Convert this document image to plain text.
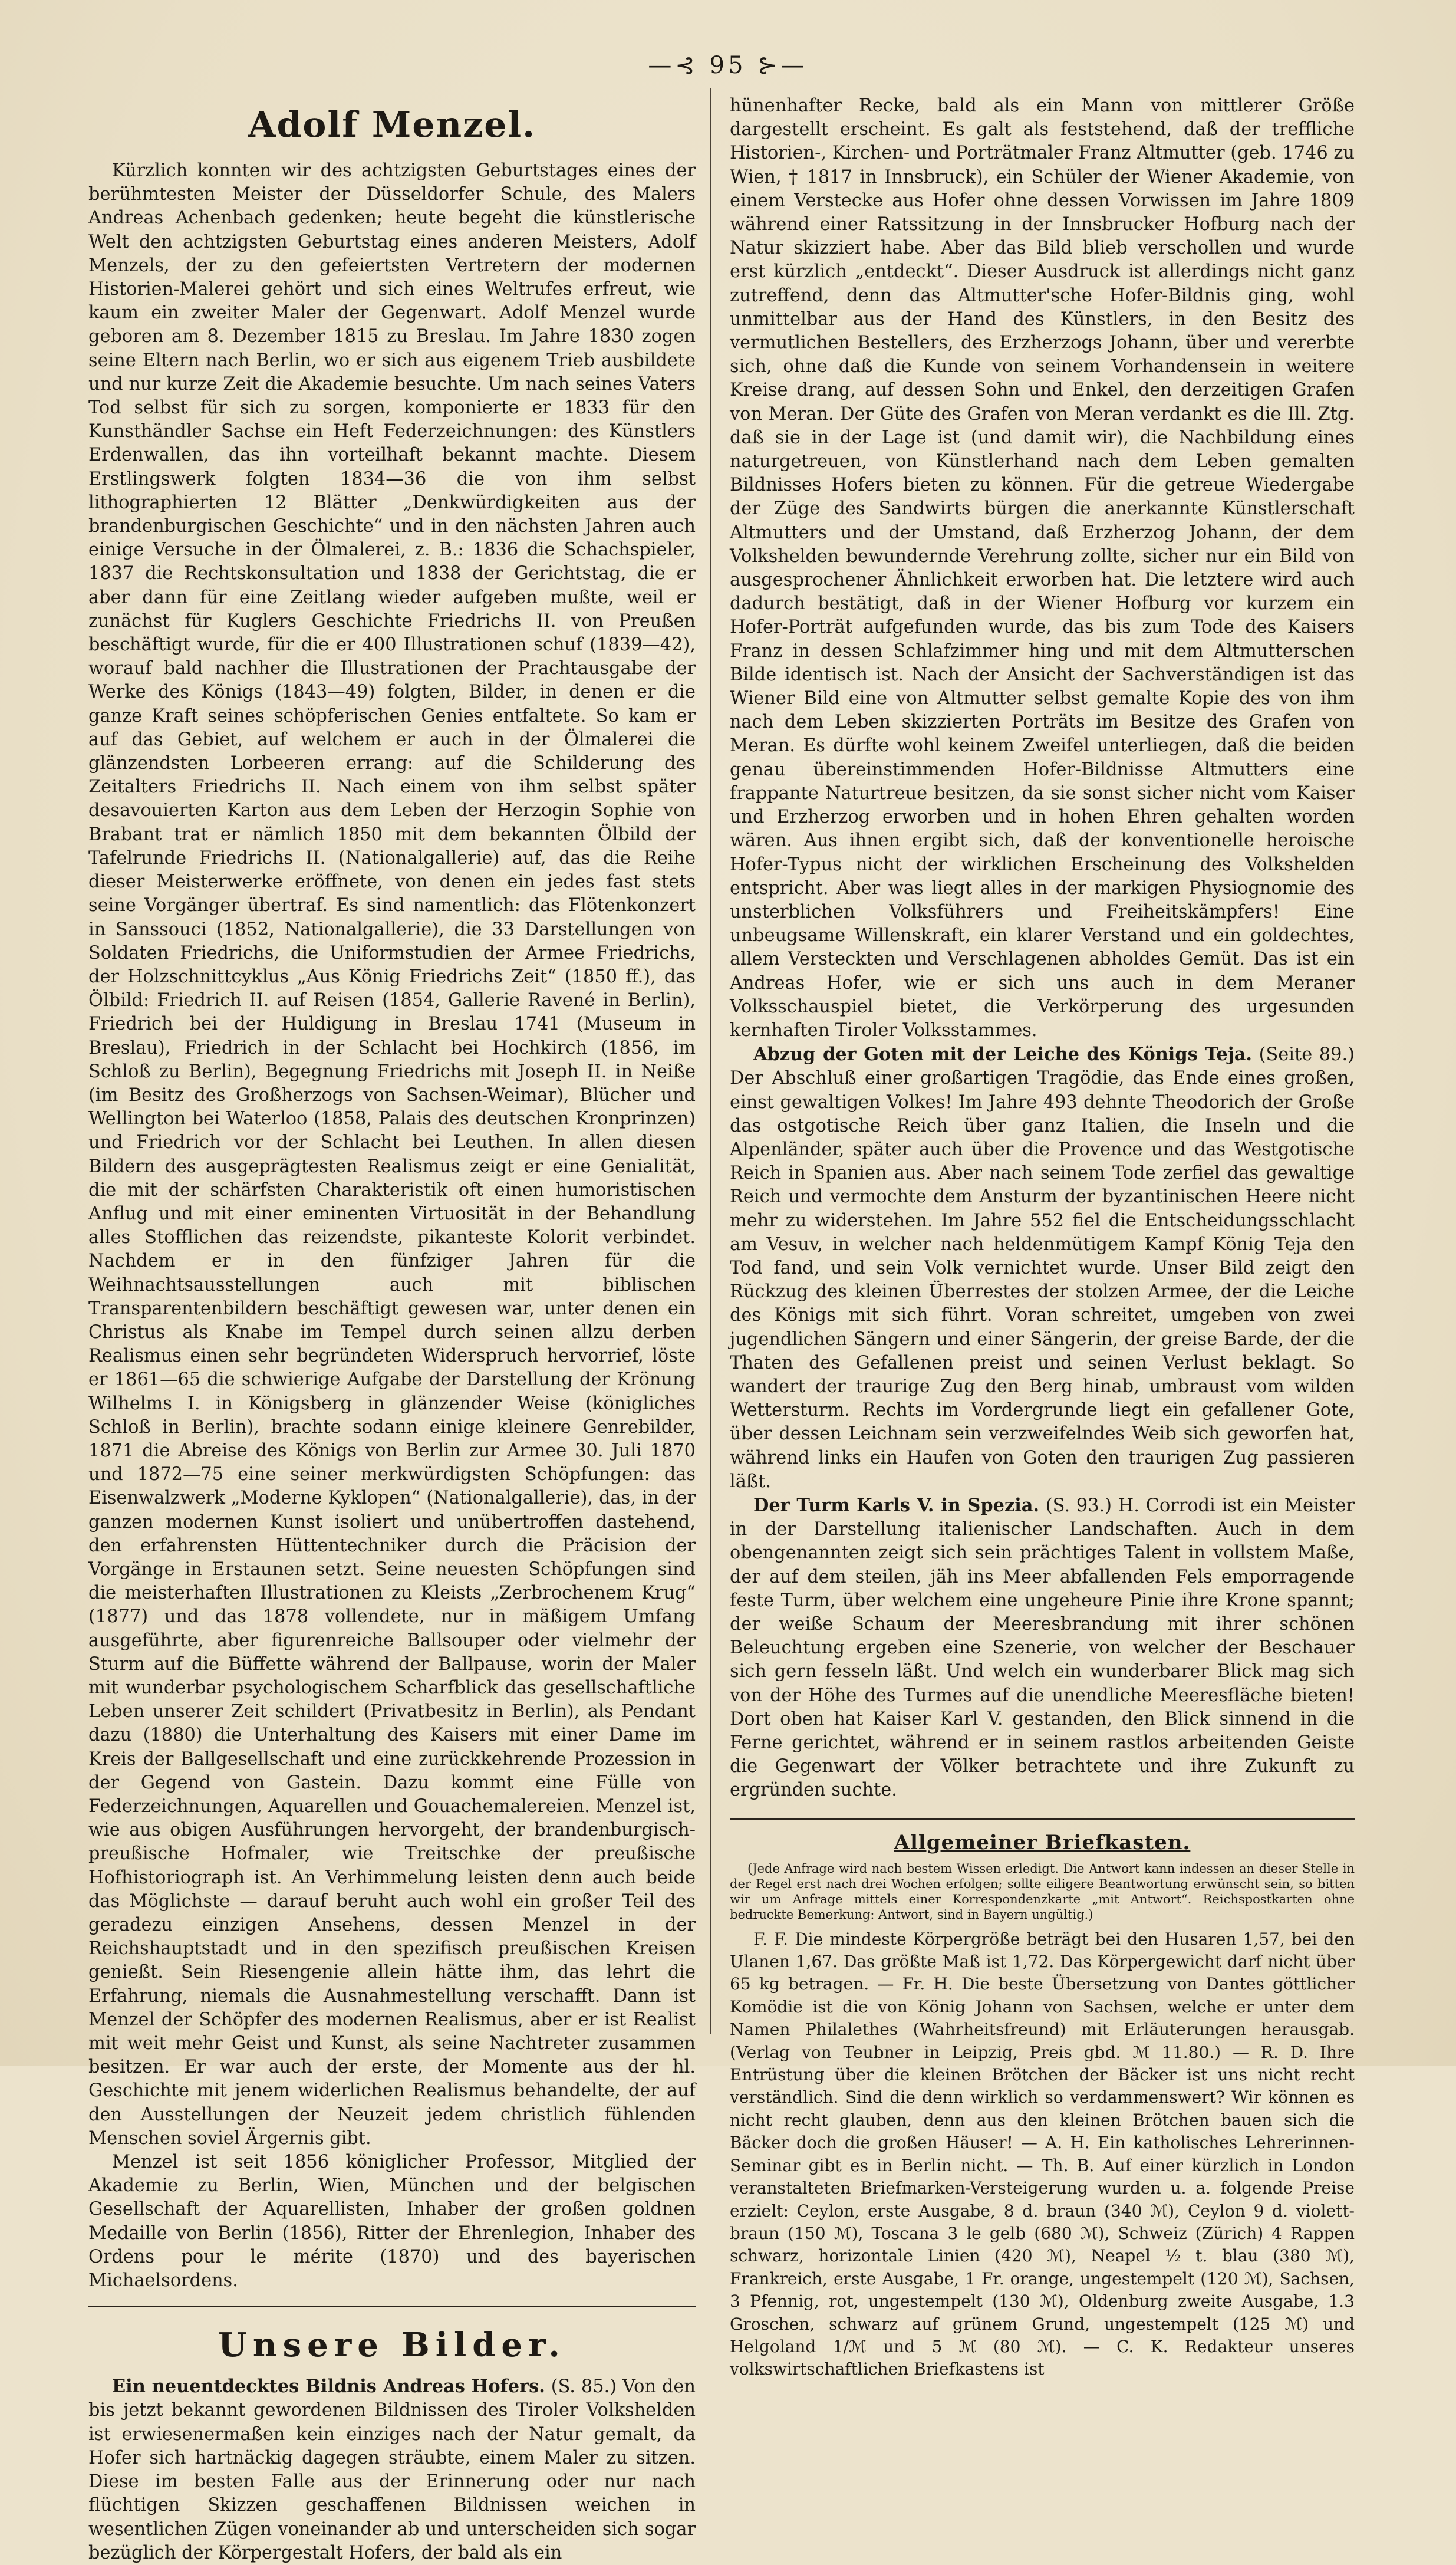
—⊰ 95 ⊱—
Adolf Menzel.

Kürzlich konnten wir des achtzigsten Geburtstages eines der berühmtesten Meister der Düsseldorfer Schule, des Malers Andreas Achenbach gedenken; heute begeht die künstlerische Welt den achtzigsten Geburtstag eines anderen Meisters, Adolf Menzels, der zu den gefeiertsten Vertretern der modernen Historien-Malerei gehört und sich eines Weltrufes erfreut, wie kaum ein zweiter Maler der Gegenwart. Adolf Menzel wurde geboren am 8. Dezember 1815 zu Breslau. Im Jahre 1830 zogen seine Eltern nach Berlin, wo er sich aus eigenem Trieb ausbildete und nur kurze Zeit die Akademie besuchte. Um nach seines Vaters Tod selbst für sich zu sorgen, komponierte er 1833 für den Kunsthändler Sachse ein Heft Federzeichnungen: des Künstlers Erdenwallen, das ihn vorteilhaft bekannt machte. Diesem Erstlingswerk folgten 1834—36 die von ihm selbst lithographierten 12 Blätter „Denkwürdigkeiten aus der brandenburgischen Geschichte“ und in den nächsten Jahren auch einige Versuche in der Ölmalerei, z. B.: 1836 die Schachspieler, 1837 die Rechtskonsultation und 1838 der Gerichtstag, die er aber dann für eine Zeitlang wieder aufgeben mußte, weil er zunächst für Kuglers Geschichte Friedrichs II. von Preußen beschäftigt wurde, für die er 400 Illustrationen schuf (1839—42), worauf bald nachher die Illustrationen der Prachtausgabe der Werke des Königs (1843—49) folgten, Bilder, in denen er die ganze Kraft seines schöpferischen Genies entfaltete. So kam er auf das Gebiet, auf welchem er auch in der Ölmalerei die glänzendsten Lorbeeren errang: auf die Schilderung des Zeitalters Friedrichs II. Nach einem von ihm selbst später desavouierten Karton aus dem Leben der Herzogin Sophie von Brabant trat er nämlich 1850 mit dem bekannten Ölbild der Tafelrunde Friedrichs II. (Nationalgallerie) auf, das die Reihe dieser Meisterwerke eröffnete, von denen ein jedes fast stets seine Vorgänger übertraf. Es sind namentlich: das Flötenkonzert in Sanssouci (1852, Nationalgallerie), die 33 Darstellungen von Soldaten Friedrichs, die Uniformstudien der Armee Friedrichs, der Holzschnittcyklus „Aus König Friedrichs Zeit“ (1850 ff.), das Ölbild: Friedrich II. auf Reisen (1854, Gallerie Ravené in Berlin), Friedrich bei der Huldigung in Breslau 1741 (Museum in Breslau), Friedrich in der Schlacht bei Hochkirch (1856, im Schloß zu Berlin), Begegnung Friedrichs mit Joseph II. in Neiße (im Besitz des Großherzogs von Sachsen-Weimar), Blücher und Wellington bei Waterloo (1858, Palais des deutschen Kronprinzen) und Friedrich vor der Schlacht bei Leuthen. In allen diesen Bildern des ausgeprägtesten Realismus zeigt er eine Genialität, die mit der schärfsten Charakteristik oft einen humoristischen Anflug und mit einer eminenten Virtuosität in der Behandlung alles Stofflichen das reizendste, pikanteste Kolorit verbindet. Nachdem er in den fünfziger Jahren für die Weihnachtsausstellungen auch mit biblischen Transparentenbildern beschäftigt gewesen war, unter denen ein Christus als Knabe im Tempel durch seinen allzu derben Realismus einen sehr begründeten Widerspruch hervorrief, löste er 1861—65 die schwierige Aufgabe der Darstellung der Krönung Wilhelms I. in Königsberg in glänzender Weise (königliches Schloß in Berlin), brachte sodann einige kleinere Genrebilder, 1871 die Abreise des Königs von Berlin zur Armee 30. Juli 1870 und 1872—75 eine seiner merkwürdigsten Schöpfungen: das Eisenwalzwerk „Moderne Kyklopen“ (Nationalgallerie), das, in der ganzen modernen Kunst isoliert und unübertroffen dastehend, den erfahrensten Hüttentechniker durch die Präcision der Vorgänge in Erstaunen setzt. Seine neuesten Schöpfungen sind die meisterhaften Illustrationen zu Kleists „Zerbrochenem Krug“ (1877) und das 1878 vollendete, nur in mäßigem Umfang ausgeführte, aber figurenreiche Ballsouper oder vielmehr der Sturm auf die Büffette während der Ballpause, worin der Maler mit wunderbar psychologischem Scharfblick das gesellschaftliche Leben unserer Zeit schildert (Privatbesitz in Berlin), als Pendant dazu (1880) die Unterhaltung des Kaisers mit einer Dame im Kreis der Ballgesellschaft und eine zurückkehrende Prozession in der Gegend von Gastein. Dazu kommt eine Fülle von Federzeichnungen, Aquarellen und Gouachemalereien. Menzel ist, wie aus obigen Ausführungen hervorgeht, der brandenburgisch-preußische Hofmaler, wie Treitschke der preußische Hofhistoriograph ist. An Verhimmelung leisten denn auch beide das Möglichste — darauf beruht auch wohl ein großer Teil des geradezu einzigen Ansehens, dessen Menzel in der Reichshauptstadt und in den spezifisch preußischen Kreisen genießt. Sein Riesengenie allein hätte ihm, das lehrt die Erfahrung, niemals die Ausnahmestellung verschafft. Dann ist Menzel der Schöpfer des modernen Realismus, aber er ist Realist mit weit mehr Geist und Kunst, als seine Nachtreter zusammen besitzen. Er war auch der erste, der Momente aus der hl. Geschichte mit jenem widerlichen Realismus behandelte, der auf den Ausstellungen der Neuzeit jedem christlich fühlenden Menschen soviel Ärgernis gibt.

Menzel ist seit 1856 königlicher Professor, Mitglied der Akademie zu Berlin, Wien, München und der belgischen Gesellschaft der Aquarellisten, Inhaber der großen goldnen Medaille von Berlin (1856), Ritter der Ehrenlegion, Inhaber des Ordens pour le mérite (1870) und des bayerischen Michaelsordens.

Unsere Bilder.

Ein neuentdecktes Bildnis Andreas Hofers. (S. 85.) Von den bis jetzt bekannt gewordenen Bildnissen des Tiroler Volkshelden ist erwiesenermaßen kein einziges nach der Natur gemalt, da Hofer sich hartnäckig dagegen sträubte, einem Maler zu sitzen. Diese im besten Falle aus der Erinnerung oder nur nach flüchtigen Skizzen geschaffenen Bildnissen weichen in wesentlichen Zügen voneinander ab und unterscheiden sich sogar bezüglich der Körpergestalt Hofers, der bald als ein

hünenhafter Recke, bald als ein Mann von mittlerer Größe dargestellt erscheint. Es galt als feststehend, daß der treffliche Historien-, Kirchen- und Porträtmaler Franz Altmutter (geb. 1746 zu Wien, † 1817 in Innsbruck), ein Schüler der Wiener Akademie, von einem Verstecke aus Hofer ohne dessen Vorwissen im Jahre 1809 während einer Ratssitzung in der Innsbrucker Hofburg nach der Natur skizziert habe. Aber das Bild blieb verschollen und wurde erst kürzlich „entdeckt“. Dieser Ausdruck ist allerdings nicht ganz zutreffend, denn das Altmutter'sche Hofer-Bildnis ging, wohl unmittelbar aus der Hand des Künstlers, in den Besitz des vermutlichen Bestellers, des Erzherzogs Johann, über und vererbte sich, ohne daß die Kunde von seinem Vorhandensein in weitere Kreise drang, auf dessen Sohn und Enkel, den derzeitigen Grafen von Meran. Der Güte des Grafen von Meran verdankt es die Ill. Ztg. daß sie in der Lage ist (und damit wir), die Nachbildung eines naturgetreuen, von Künstlerhand nach dem Leben gemalten Bildnisses Hofers bieten zu können. Für die getreue Wiedergabe der Züge des Sandwirts bürgen die anerkannte Künstlerschaft Altmutters und der Umstand, daß Erzherzog Johann, der dem Volkshelden bewundernde Verehrung zollte, sicher nur ein Bild von ausgesprochener Ähnlichkeit erworben hat. Die letztere wird auch dadurch bestätigt, daß in der Wiener Hofburg vor kurzem ein Hofer-Porträt aufgefunden wurde, das bis zum Tode des Kaisers Franz in dessen Schlafzimmer hing und mit dem Altmutterschen Bilde identisch ist. Nach der Ansicht der Sachverständigen ist das Wiener Bild eine von Altmutter selbst gemalte Kopie des von ihm nach dem Leben skizzierten Porträts im Besitze des Grafen von Meran. Es dürfte wohl keinem Zweifel unterliegen, daß die beiden genau übereinstimmenden Hofer-Bildnisse Altmutters eine frappante Naturtreue besitzen, da sie sonst sicher nicht vom Kaiser und Erzherzog erworben und in hohen Ehren gehalten worden wären. Aus ihnen ergibt sich, daß der konventionelle heroische Hofer-Typus nicht der wirklichen Erscheinung des Volkshelden entspricht. Aber was liegt alles in der markigen Physiognomie des unsterblichen Volksführers und Freiheitskämpfers! Eine unbeugsame Willenskraft, ein klarer Verstand und ein goldechtes, allem Versteckten und Verschlagenen abholdes Gemüt. Das ist ein Andreas Hofer, wie er sich uns auch in dem Meraner Volksschauspiel bietet, die Verkörperung des urgesunden kernhaften Tiroler Volksstammes.

Abzug der Goten mit der Leiche des Königs Teja. (Seite 89.) Der Abschluß einer großartigen Tragödie, das Ende eines großen, einst gewaltigen Volkes! Im Jahre 493 dehnte Theodorich der Große das ostgotische Reich über ganz Italien, die Inseln und die Alpenländer, später auch über die Provence und das Westgotische Reich in Spanien aus. Aber nach seinem Tode zerfiel das gewaltige Reich und vermochte dem Ansturm der byzantinischen Heere nicht mehr zu widerstehen. Im Jahre 552 fiel die Entscheidungsschlacht am Vesuv, in welcher nach heldenmütigem Kampf König Teja den Tod fand, und sein Volk vernichtet wurde. Unser Bild zeigt den Rückzug des kleinen Überrestes der stolzen Armee, der die Leiche des Königs mit sich führt. Voran schreitet, umgeben von zwei jugendlichen Sängern und einer Sängerin, der greise Barde, der die Thaten des Gefallenen preist und seinen Verlust beklagt. So wandert der traurige Zug den Berg hinab, umbraust vom wilden Wettersturm. Rechts im Vordergrunde liegt ein gefallener Gote, über dessen Leichnam sein verzweifelndes Weib sich geworfen hat, während links ein Haufen von Goten den traurigen Zug passieren läßt.

Der Turm Karls V. in Spezia. (S. 93.) H. Corrodi ist ein Meister in der Darstellung italienischer Landschaften. Auch in dem obengenannten zeigt sich sein prächtiges Talent in vollstem Maße, der auf dem steilen, jäh ins Meer abfallenden Fels emporragende feste Turm, über welchem eine ungeheure Pinie ihre Krone spannt; der weiße Schaum der Meeresbrandung mit ihrer schönen Beleuchtung ergeben eine Szenerie, von welcher der Beschauer sich gern fesseln läßt. Und welch ein wunderbarer Blick mag sich von der Höhe des Turmes auf die unendliche Meeresfläche bieten! Dort oben hat Kaiser Karl V. gestanden, den Blick sinnend in die Ferne gerichtet, während er in seinem rastlos arbeitenden Geiste die Gegenwart der Völker betrachtete und ihre Zukunft zu ergründen suchte.

Allgemeiner Briefkasten.
(Jede Anfrage wird nach bestem Wissen erledigt. Die Antwort kann indessen an dieser Stelle in der Regel erst nach drei Wochen erfolgen; sollte eiligere Beantwortung erwünscht sein, so bitten wir um Anfrage mittels einer Korrespondenzkarte „mit Antwort“. Reichspostkarten ohne bedruckte Bemerkung: Antwort, sind in Bayern ungültig.)

F. F. Die mindeste Körpergröße beträgt bei den Husaren 1,57, bei den Ulanen 1,67. Das größte Maß ist 1,72. Das Körpergewicht darf nicht über 65 kg betragen. — Fr. H. Die beste Übersetzung von Dantes göttlicher Komödie ist die von König Johann von Sachsen, welche er unter dem Namen Philalethes (Wahrheitsfreund) mit Erläuterungen herausgab. (Verlag von Teubner in Leipzig, Preis gbd. ℳ 11.80.) — R. D. Ihre Entrüstung über die kleinen Brötchen der Bäcker ist uns nicht recht verständlich. Sind die denn wirklich so verdammenswert? Wir können es nicht recht glauben, denn aus den kleinen Brötchen bauen sich die Bäcker doch die großen Häuser! — A. H. Ein katholisches Lehrerinnen-Seminar gibt es in Berlin nicht. — Th. B. Auf einer kürzlich in London veranstalteten Briefmarken-Versteigerung wurden u. a. folgende Preise erzielt: Ceylon, erste Ausgabe, 8 d. braun (340 ℳ), Ceylon 9 d. violett-braun (150 ℳ), Toscana 3 le gelb (680 ℳ), Schweiz (Zürich) 4 Rappen schwarz, horizontale Linien (420 ℳ), Neapel ½ t. blau (380 ℳ), Frankreich, erste Ausgabe, 1 Fr. orange, ungestempelt (120 ℳ), Sachsen, 3 Pfennig, rot, ungestempelt (130 ℳ), Oldenburg zweite Ausgabe, 1.3 Groschen, schwarz auf grünem Grund, ungestempelt (125 ℳ) und Helgoland 1/ℳ und 5 ℳ (80 ℳ). — C. K. Redakteur unseres volkswirtschaftlichen Briefkastens ist
